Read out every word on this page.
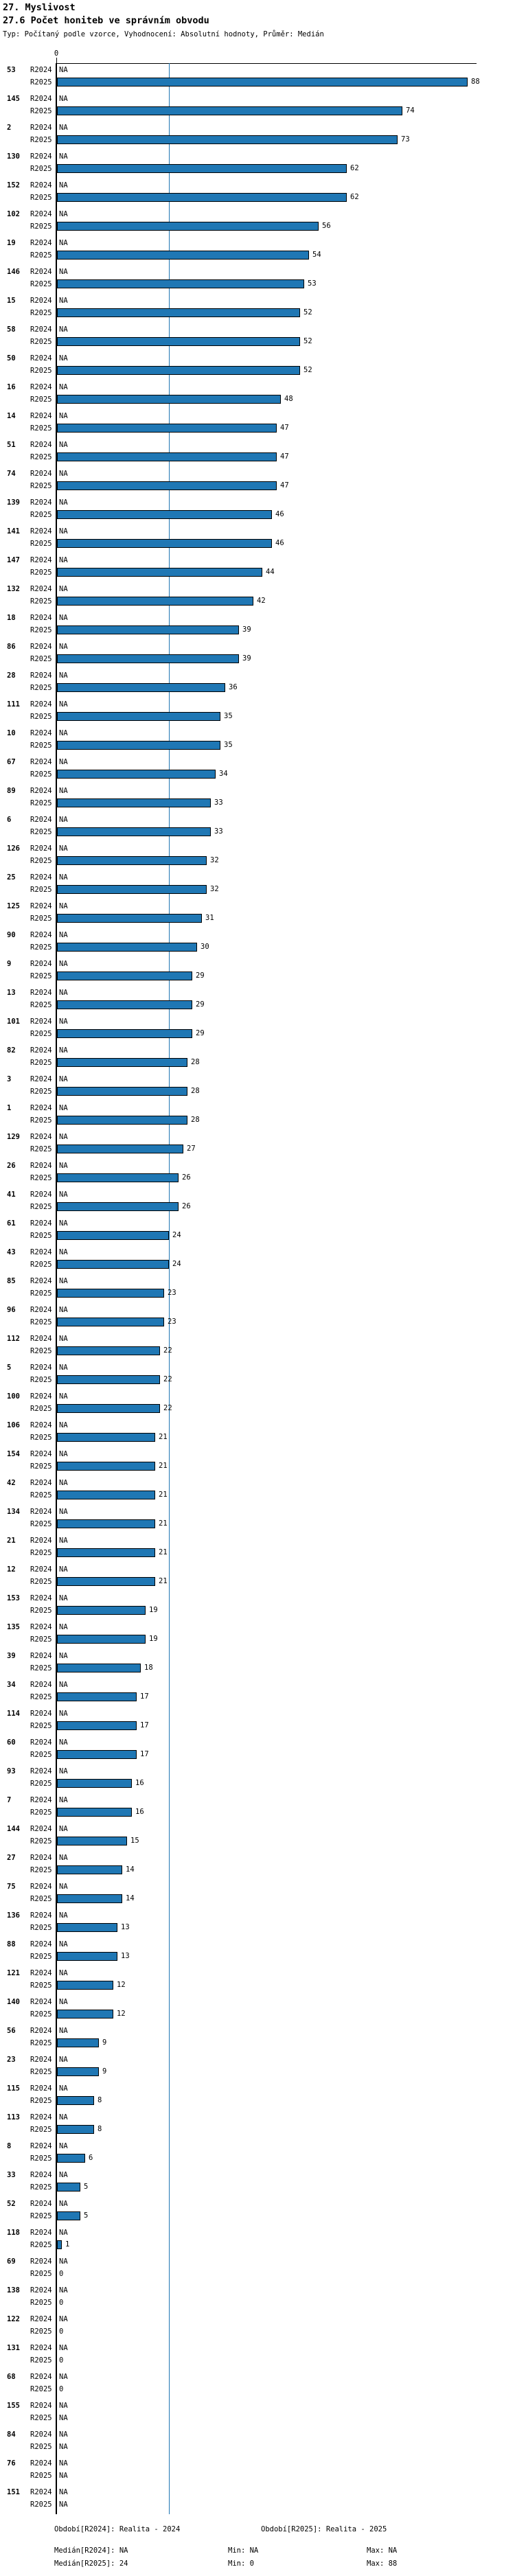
27. Myslivost
27.6 Počet honiteb ve správním obvodu
Typ: Počítaný podle vzorce, Vyhodnocení: Absolutní hodnoty, Průměr: Medián
0
53 R2024 NA
R2025	88
145 R2024 NA
R2025	74
2	R2024 NA
R2025	73
130 R2024 NA
R2025	62
152 R2024 NA
R2025	62
102 R2024 NA
R2025	56
19 R2024 NA
R2025	54
146 R2024 NA
R2025	53
15 R2024 NA
R2025	52
58 R2024 NA
R2025	52
50 R2024 NA
R2025	52
16 R2024 NA
R2025	48
14 R2024 NA
R2025	47
51 R2024 NA
R2025	47
74 R2024 NA
R2025	47
139 R2024 NA
R2025	46
141 R2024 NA
R2025	46
147 R2024 NA
R2025	44
132 R2024 NA
R2025	42
18 R2024 NA
R2025	39
86 R2024 NA
R2025	39
28 R2024 NA
R2025	36
111 R2024 NA
R2025	35
10 R2024 NA
R2025	35
67 R2024 NA
R2025	34
89 R2024 NA
R2025	33
6	R2024 NA
R2025	33
126 R2024 NA
R2025	32
25 R2024 NA
R2025	32
125 R2024 NA
R2025	31
90 R2024 NA
R2025	30
9	R2024 NA
R2025	29
13 R2024 NA
R2025	29
101 R2024 NA
R2025	29
82 R2024 NA
R2025	28
3	R2024 NA
R2025	28
1	R2024 NA
R2025	28
129 R2024 NA
R2025	27
26 R2024 NA
R2025	26
41 R2024 NA
R2025	26
61 R2024 NA
R2025	24
43 R2024 NA
R2025	24
85 R2024 NA
R2025	23
96 R2024 NA
R2025	23
112 R2024 NA
R2025	22
5	R2024 NA
R2025	22
100 R2024 NA
R2025	22
106 R2024 NA
R2025	21
154 R2024 NA
R2025	21
42 R2024 NA
R2025	21
134 R2024 NA
R2025	21
21 R2024 NA
R2025	21
12 R2024 NA
R2025	21
153 R2024 NA
R2025	19
135 R2024 NA
R2025	19
39 R2024 NA
R2025	18
34 R2024 NA
R2025	17
114 R2024 NA
R2025	17
60 R2024 NA
R2025	17
93 R2024 NA
R2025	16
7	R2024 NA
R2025	16
144 R2024 NA
R2025	15
27 R2024 NA
R2025	14
75 R2024 NA
R2025	14
136 R2024 NA
R2025	13
88 R2024 NA
R2025	13
121 R2024 NA
R2025	12
140 R2024 NA
R2025	12
56 R2024 NA
R2025	9
23 R2024 NA
R2025	9
115 R2024 NA
R2025	8
113 R2024 NA
R2025	8
8	R2024 NA
R2025	6
33 R2024 NA
R2025	5
52 R2024 NA
R2025	5
118 R2024 NA
R2025 1
69 R2024 NA
R2025 0
138 R2024 NA
R2025 0
122 R2024 NA
R2025 0
131 R2024 NA
R2025 0
68 R2024 NA
R2025 0
155 R2024 NA
R2025 NA
84 R2024 NA
R2025 NA
76 R2024 NA
R2025 NA
151 R2024 NA
R2025 NA
Období[R2024]: Realita - 2024	Období[R2025]: Realita - 2025
Medián[R2024]: NA	Min: NA	Max: NA
Medián[R2025]: 24	Min: 0	Max: 88
